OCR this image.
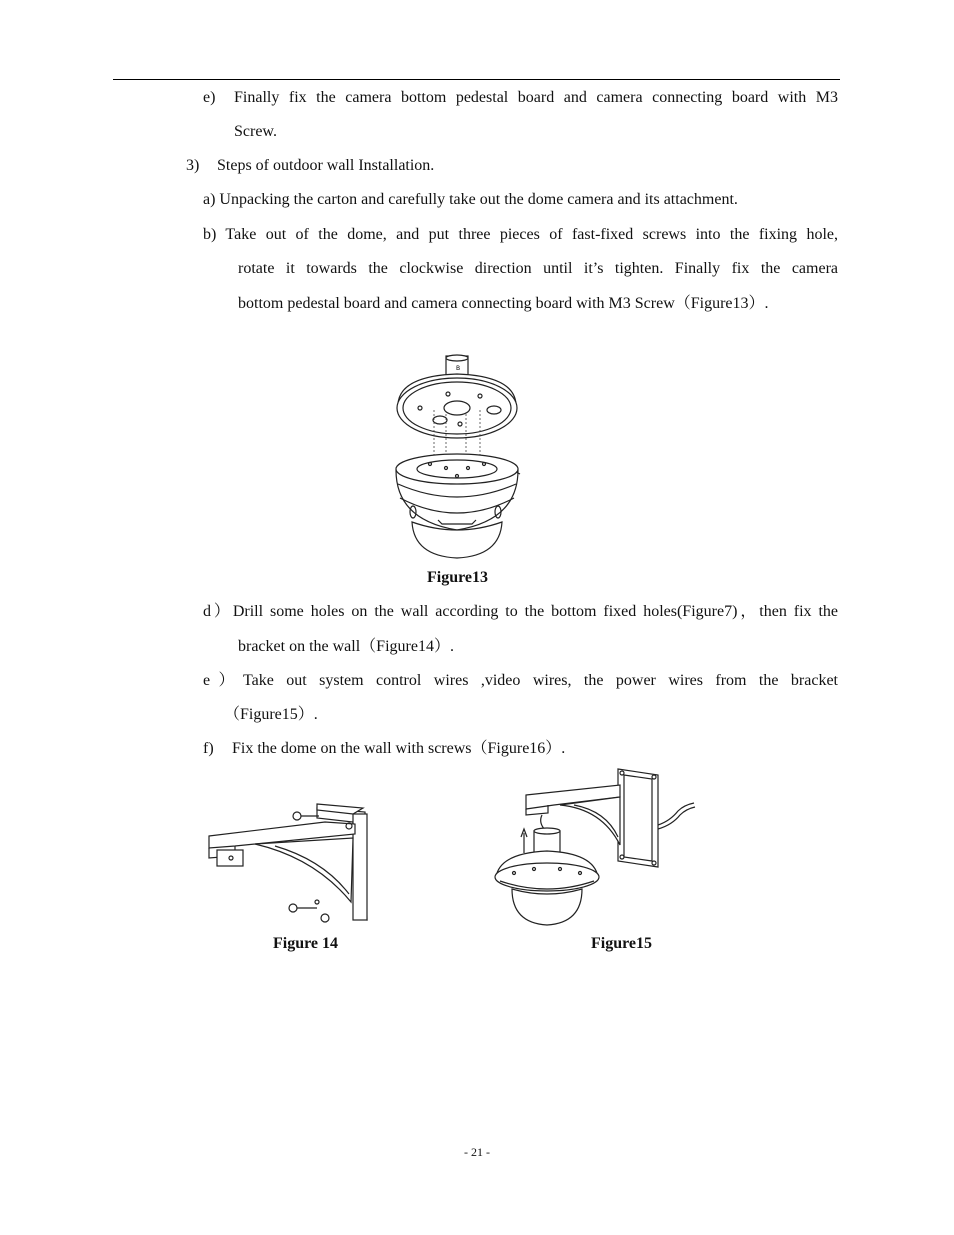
e) Finally fix the camera bottom pedestal board and camera connecting board with M3
Screw.
3) Steps of outdoor wall Installation.
a) Unpacking the carton and carefully take out the dome camera and its attachment.
b) Take out of the dome, and put three pieces of fast-fixed screws into the fixing hole,
rotate it towards the clockwise direction until it’s tighten. Finally fix the camera
bottom pedestal board and camera connecting board with M3 Screw（Figure13）.
B
Figure13
d）Drill some holes on the wall according to the bottom fixed holes(Figure7)，then fix the
bracket on the wall（Figure14）.
e）Take out system control wires ,video wires, the power wires from the bracket
（Figure15）.
f) Fix the dome on the wall with screws（Figure16）.
Figure 14	Figure15
- 21 -
